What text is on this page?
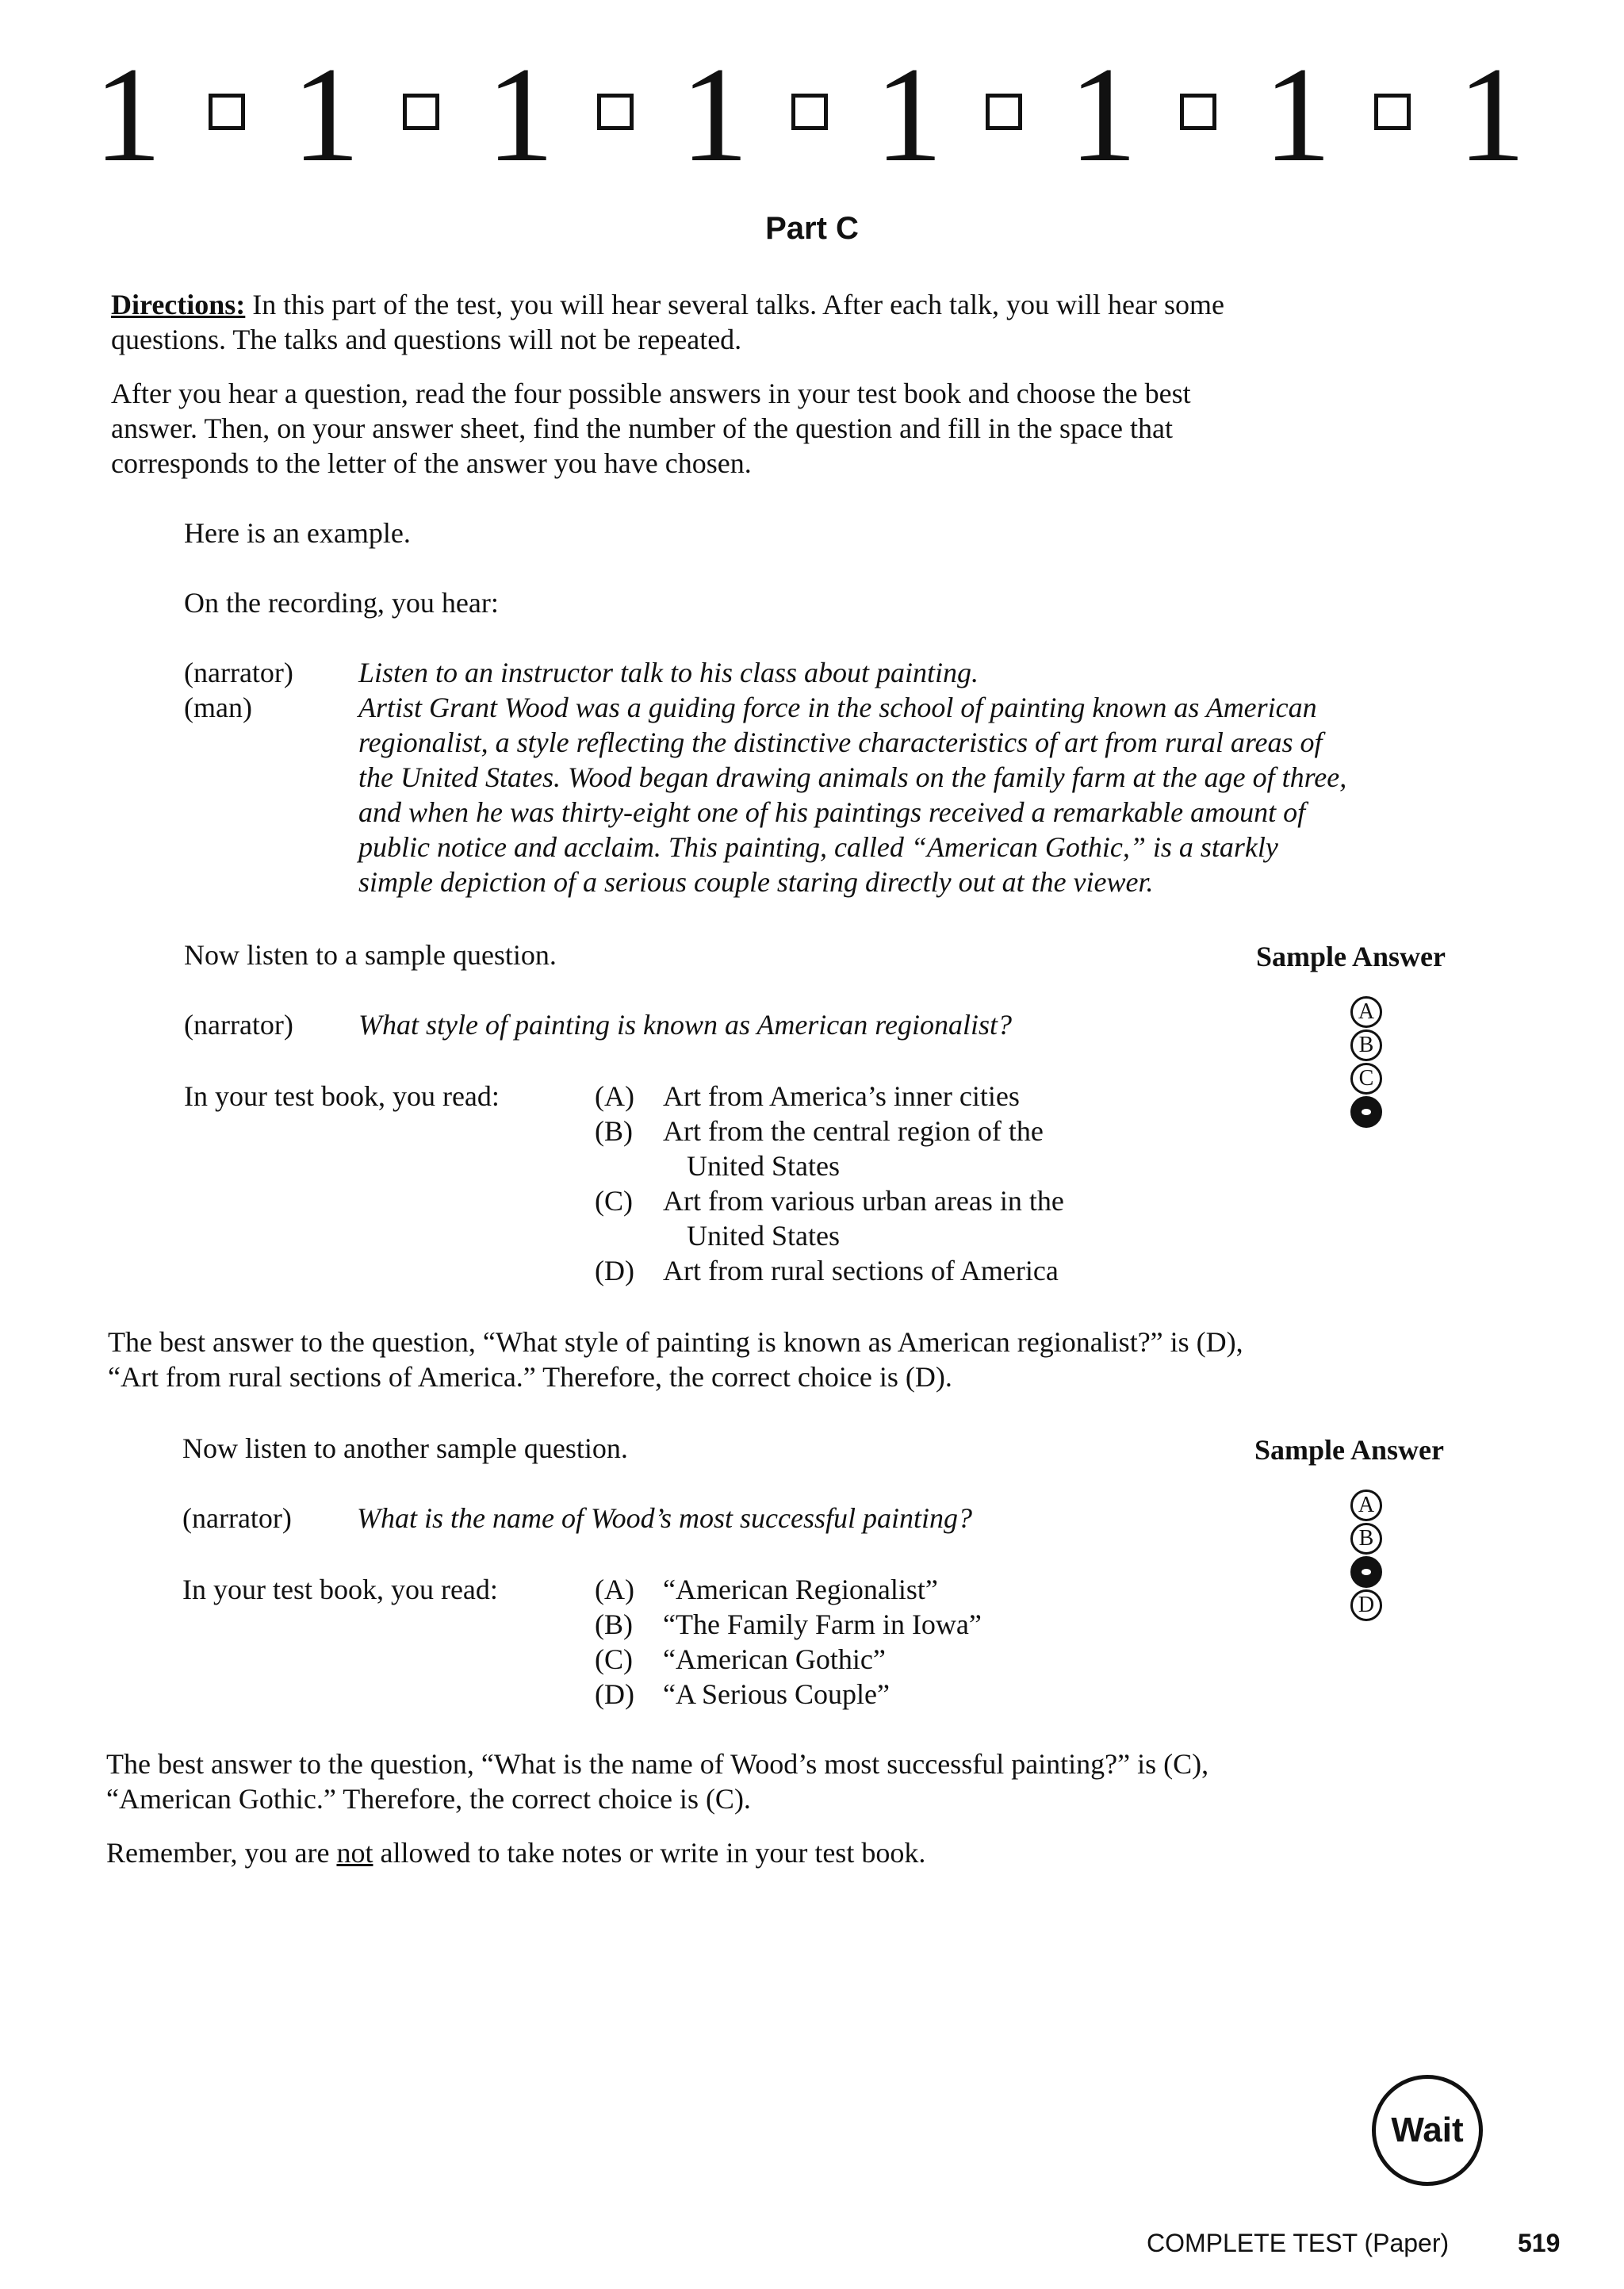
1 1 1 1 1 1 1 1
Part C
Directions: In this part of the test, you will hear several talks. After each talk, you will hear some
questions. The talks and questions will not be repeated.
After you hear a question, read the four possible answers in your test book and choose the best
answer. Then, on your answer sheet, find the number of the question and fill in the space that
corresponds to the letter of the answer you have chosen.
Here is an example.
On the recording, you hear:
(narrator) Listen to an instructor talk to his class about painting.
(man)	Artist Grant Wood was a guiding force in the school of painting known as American
regionalist, a style reflecting the distinctive characteristics of art from rural areas of
the United States. Wood began drawing animals on the family farm at the age of three,
and when he was thirty-eight one of his paintings received a remarkable amount of
public notice and acclaim. This painting, called “American Gothic,” is a starkly
simple depiction of a serious couple staring directly out at the viewer.
Now listen to a sample question.	Sample Answer
(narrator) What style of painting is known as American regionalist?
In your test book, you read:	(A) Art from America’s inner cities
(B) Art from the central region of the
United States
(C) Art from various urban areas in the
United States
(D) Art from rural sections of America
A
B
C
The best answer to the question, “What style of painting is known as American regionalist?” is (D),
“Art from rural sections of America.” Therefore, the correct choice is (D).
Now listen to another sample question.	Sample Answer
(narrator) What is the name of Wood’s most successful painting?
In your test book, you read:	(A) “American Regionalist”
(B) “The Family Farm in Iowa”
(C) “American Gothic”
(D) “A Serious Couple”
A
B
D
The best answer to the question, “What is the name of Wood’s most successful painting?” is (C),
“American Gothic.” Therefore, the correct choice is (C).
Remember, you are not allowed to take notes or write in your test book.
Wait
COMPLETE TEST (Paper)	519
